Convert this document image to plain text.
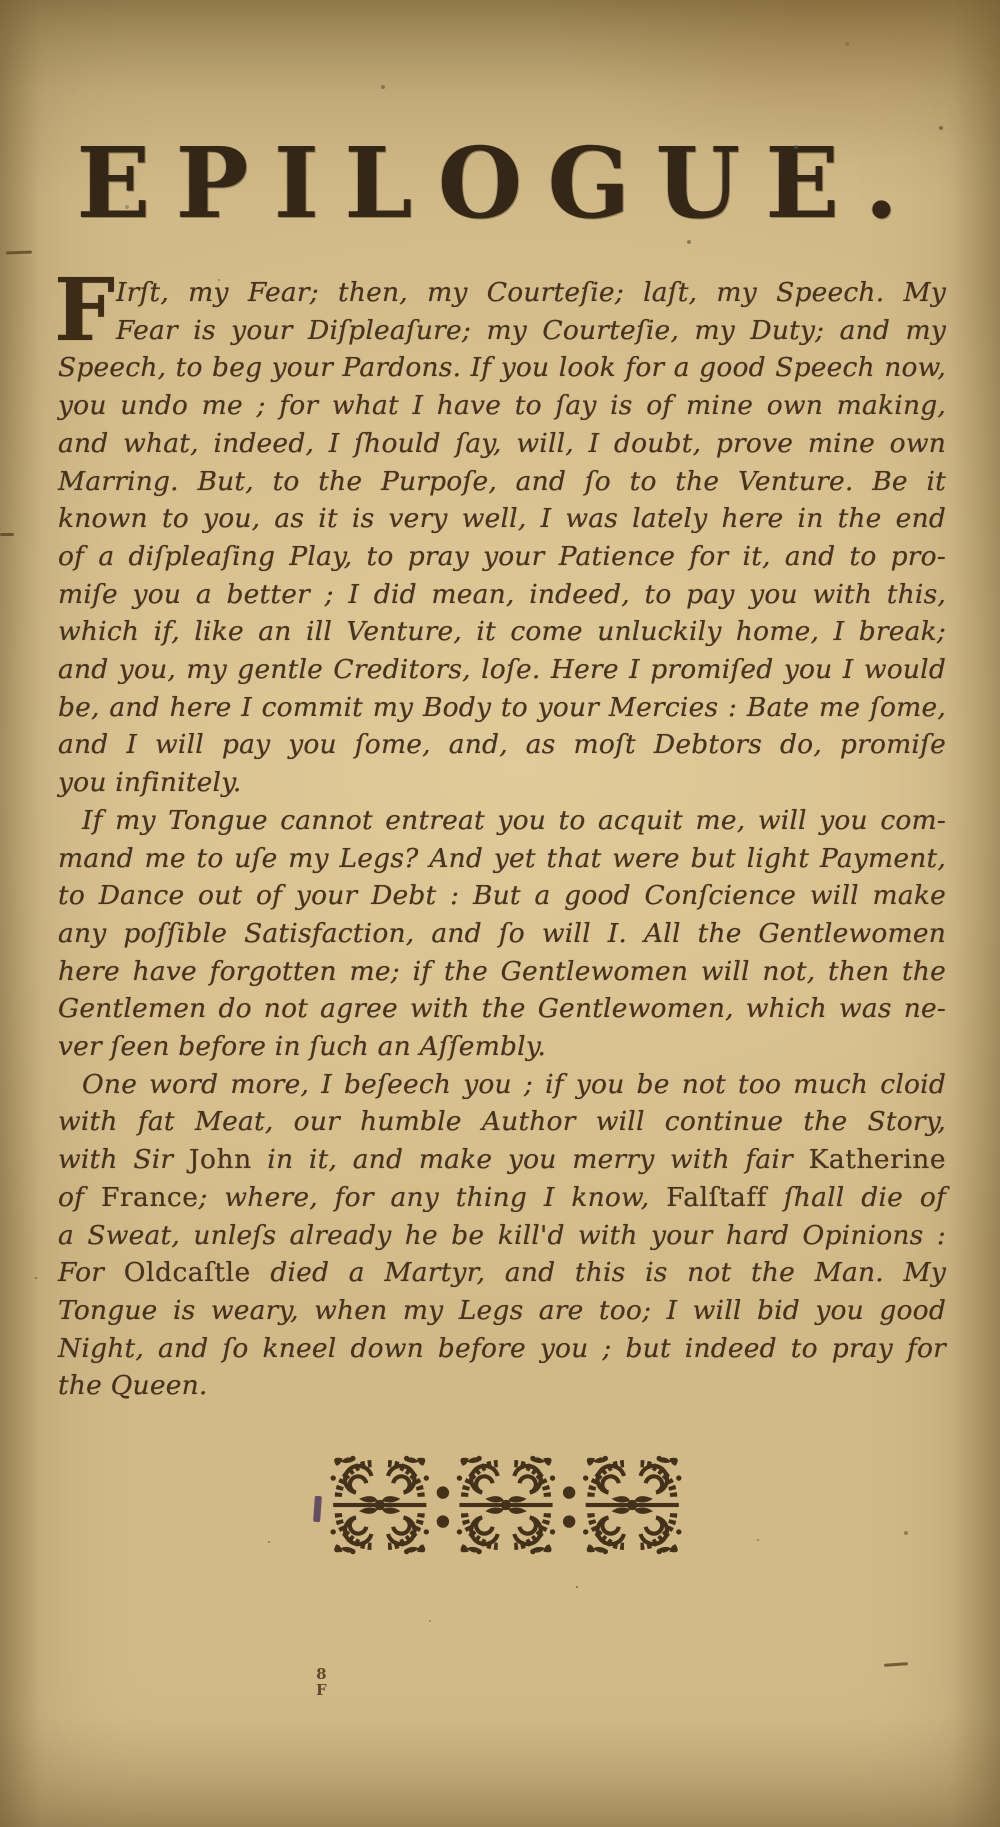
EPILOGUE.
F Irſt, my Fear; then, my Courteſie; laſt, my Speech. My
Fear is your Diſpleaſure; my Courteſie, my Duty; and my
Speech, to beg your Pardons. If you look for a good Speech now,
you undo me ; for what I have to ſay is of mine own making,
and what, indeed, I ſhould ſay, will, I doubt, prove mine own
Marring. But, to the Purpoſe, and ſo to the Venture. Be it
known to you, as it is very well, I was lately here in the end
of a diſpleaſing Play, to pray your Patience for it, and to pro-
miſe you a better ; I did mean, indeed, to pay you with this,
which if, like an ill Venture, it come unluckily home, I break;
and you, my gentle Creditors, loſe. Here I promiſed you I would
be, and here I commit my Body to your Mercies : Bate me ſome,
and I will pay you ſome, and, as moſt Debtors do, promiſe
you infinitely.
If my Tongue cannot entreat you to acquit me, will you com-
mand me to uſe my Legs? And yet that were but light Payment,
to Dance out of your Debt : But a good Conſcience will make
any poſſible Satisfaction, and ſo will I. All the Gentlewomen
here have forgotten me; if the Gentlewomen will not, then the
Gentlemen do not agree with the Gentlewomen, which was ne-
ver ſeen before in ſuch an Aſſembly.
One word more, I beſeech you ; if you be not too much cloid
with fat Meat, our humble Author will continue the Story,
with Sir John in it, and make you merry with fair Katherine
of France; where, for any thing I know, Falſtaff ſhall die of
a Sweat, unleſs already he be kill'd with your hard Opinions :
For Oldcaſtle died a Martyr, and this is not the Man. My
Tongue is weary, when my Legs are too; I will bid you good
Night, and ſo kneel down before you ; but indeed to pray for
the Queen.
8
F
